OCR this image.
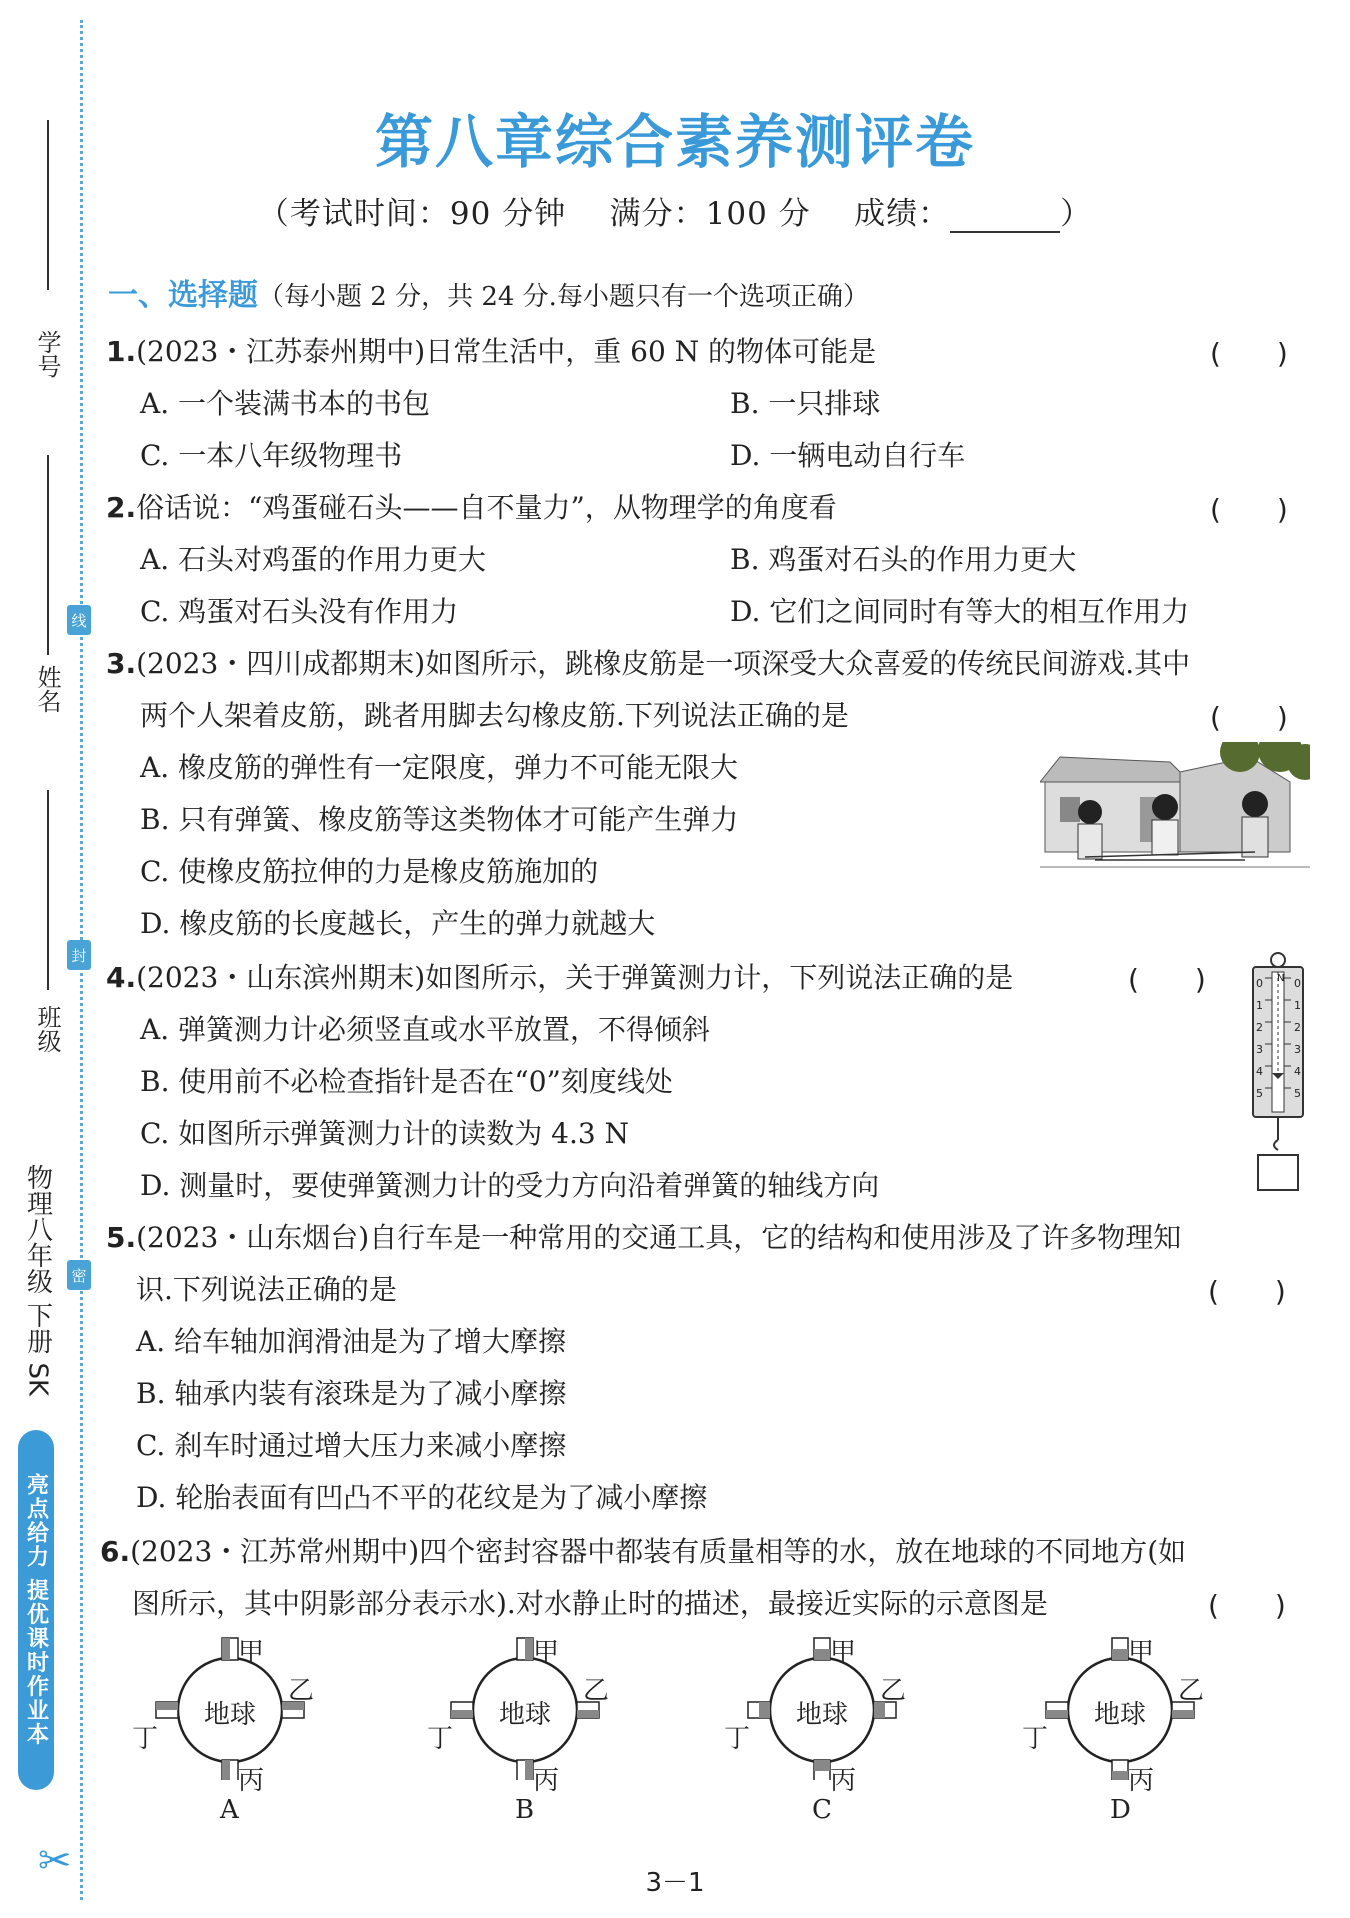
学号
线
姓名
封
班级
密
物理八年级 下册 SK
亮点给力 提优课时作业本
✂
第八章综合素养测评卷
（考试时间：90 分钟 满分：100 分 成绩：	）
一、选择题（每小题 2 分，共 24 分.每小题只有一个选项正确）
1.(2023・江苏泰州期中)日常生活中，重 60 N 的物体可能是	(　　)
A. 一个装满书本的书包	B. 一只排球
C. 一本八年级物理书	D. 一辆电动自行车
2.俗话说：“鸡蛋碰石头——自不量力”，从物理学的角度看	(　　)
A. 石头对鸡蛋的作用力更大	B. 鸡蛋对石头的作用力更大
C. 鸡蛋对石头没有作用力	D. 它们之间同时有等大的相互作用力
3.(2023・四川成都期末)如图所示，跳橡皮筋是一项深受大众喜爱的传统民间游戏.其中
两个人架着皮筋，跳者用脚去勾橡皮筋.下列说法正确的是	(　　)
A. 橡皮筋的弹性有一定限度，弹力不可能无限大
B. 只有弹簧、橡皮筋等这类物体才可能产生弹力
C. 使橡皮筋拉伸的力是橡皮筋施加的
D. 橡皮筋的长度越长，产生的弹力就越大
4.(2023・山东滨州期末)如图所示，关于弹簧测力计，下列说法正确的是	(　　)
A. 弹簧测力计必须竖直或水平放置，不得倾斜
B. 使用前不必检查指针是否在“0”刻度线处
C. 如图所示弹簧测力计的读数为 4.3 N
D. 测量时，要使弹簧测力计的受力方向沿着弹簧的轴线方向
N
0
1
2
3
4
5
0
1
2
3
4
5
5.(2023・山东烟台)自行车是一种常用的交通工具，它的结构和使用涉及了许多物理知
识.下列说法正确的是	(　　)
A. 给车轴加润滑油是为了增大摩擦
B. 轴承内装有滚珠是为了减小摩擦
C. 刹车时通过增大压力来减小摩擦
D. 轮胎表面有凹凸不平的花纹是为了减小摩擦
6.(2023・江苏常州期中)四个密封容器中都装有质量相等的水，放在地球的不同地方(如
图所示，其中阴影部分表示水).对水静止时的描述，最接近实际的示意图是	(　　)
地球
甲
乙
丙
丁
A
地球
甲
乙
丙
丁
B
地球
甲
乙
丙
丁
C
地球
甲
乙
丙
丁
D
3－1
